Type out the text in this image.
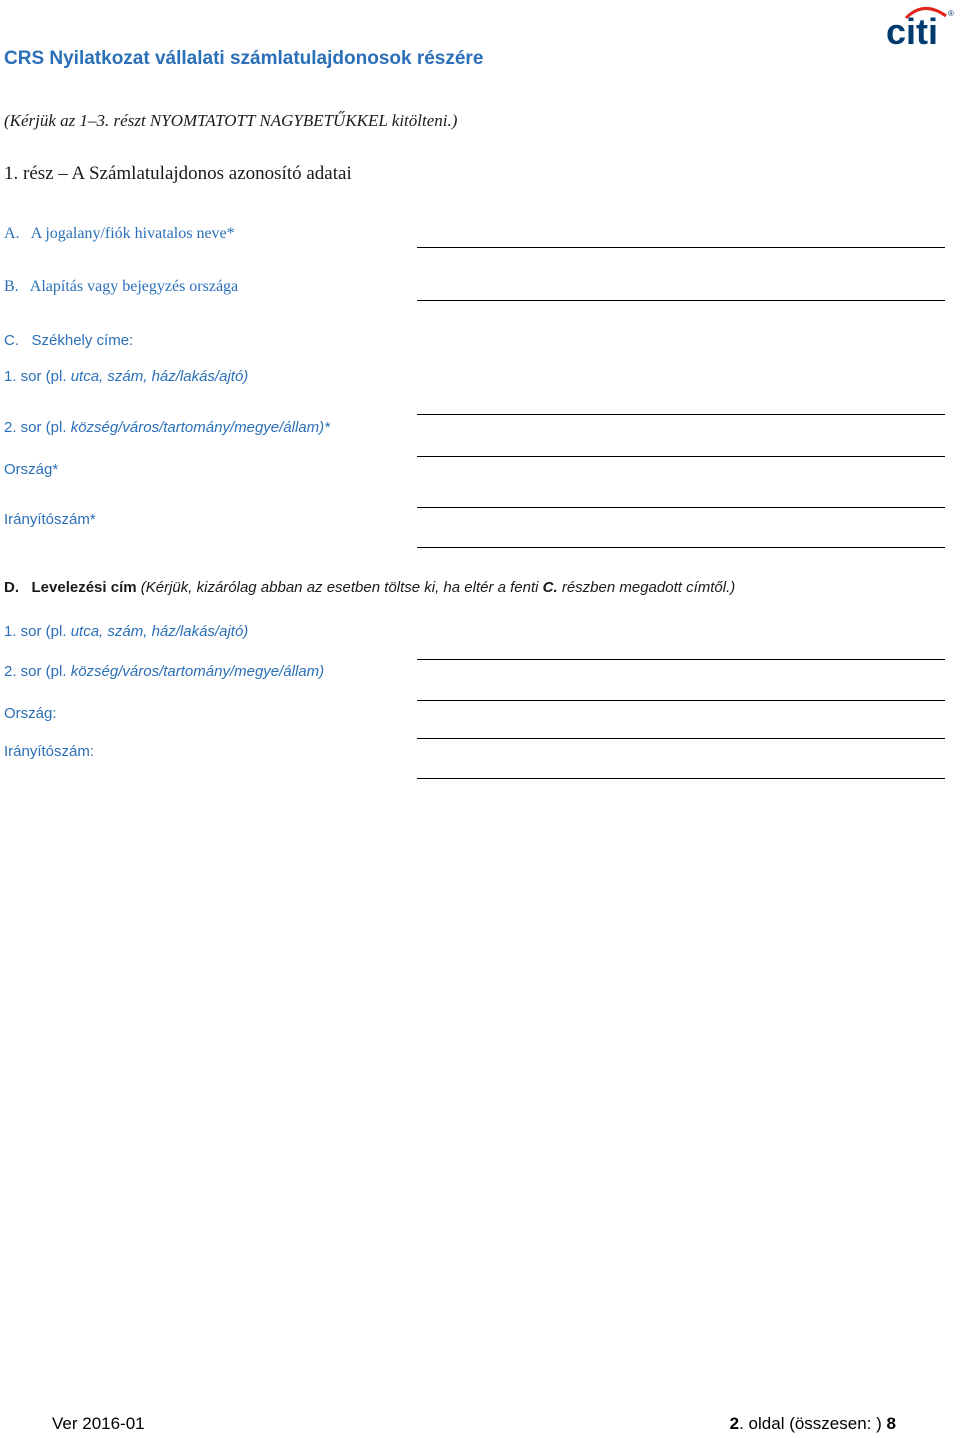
citi ®
CRS Nyilatkozat vállalati számlatulajdonosok részére
(Kérjük az 1–3. részt NYOMTATOTT NAGYBETŰKKEL kitölteni.)
1. rész – A Számlatulajdonos azonosító adatai
A. A jogalany/fiók hivatalos neve*
B. Alapítás vagy bejegyzés országa
C. Székhely címe:
1. sor (pl. utca, szám, ház/lakás/ajtó)
2. sor (pl. község/város/tartomány/megye/állam)*
Ország*
Irányítószám*
D. Levelezési cím (Kérjük, kizárólag abban az esetben töltse ki, ha eltér a fenti C. részben megadott címtől.)
1. sor (pl. utca, szám, ház/lakás/ajtó)
2. sor (pl. község/város/tartomány/megye/állam)
Ország:
Irányítószám:
Ver 2016-01	2. oldal (összesen: ) 8
